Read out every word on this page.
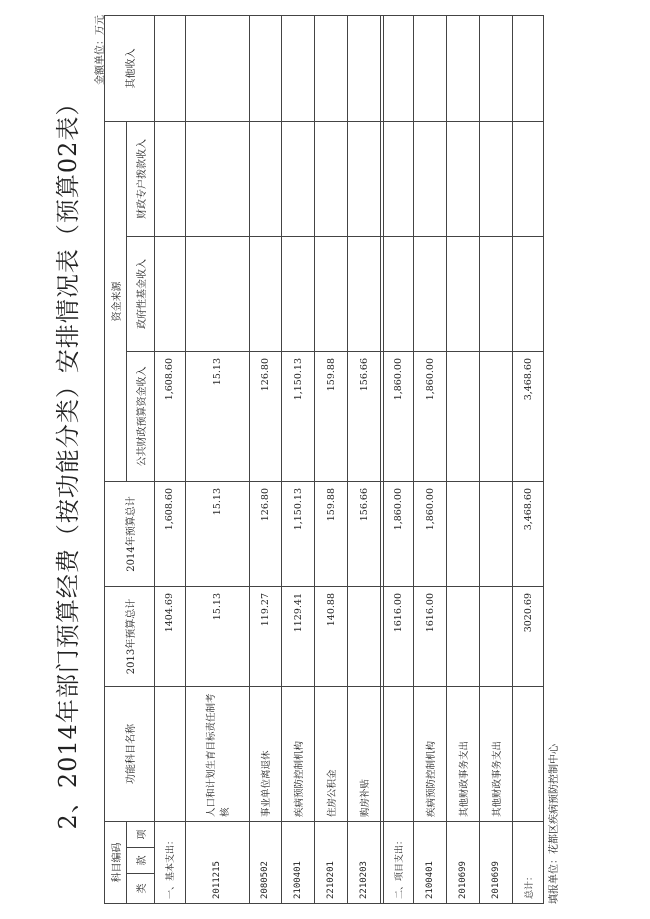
2、2014年部门预算经费（按功能分类）安排情况表（预算02表）
金额单位：万元
科目编码			功能科目名称	2013年预算总计	2014年预算总计	资金来源			其他收入
类	款	项				公共财政预算资金收入	政府性基金收入	财政专户拨款收入	

一、基本支出：				1404.69	1,608.60	1,608.60			
2011215			人口和计划生育目标责任制考核	15.13	15.13	15.13			
2080502			事业单位离退休	119.27	126.80	126.80			
2100401			疾病预防控制机构	1129.41	1,150.13	1,150.13			
2210201			住房公积金	140.88	159.88	159.88			
2210203			购房补贴		156.66	156.66			

二、项目支出：				1616.00	1,860.00	1,860.00			
2100401			疾病预防控制机构	1616.00	1,860.00	1,860.00			
2010699			其他财政事务支出						
2010699			其他财政事务支出						
总计：				3020.69	3,468.60	3,468.60			
填报单位：花都区疾病预防控制中心
